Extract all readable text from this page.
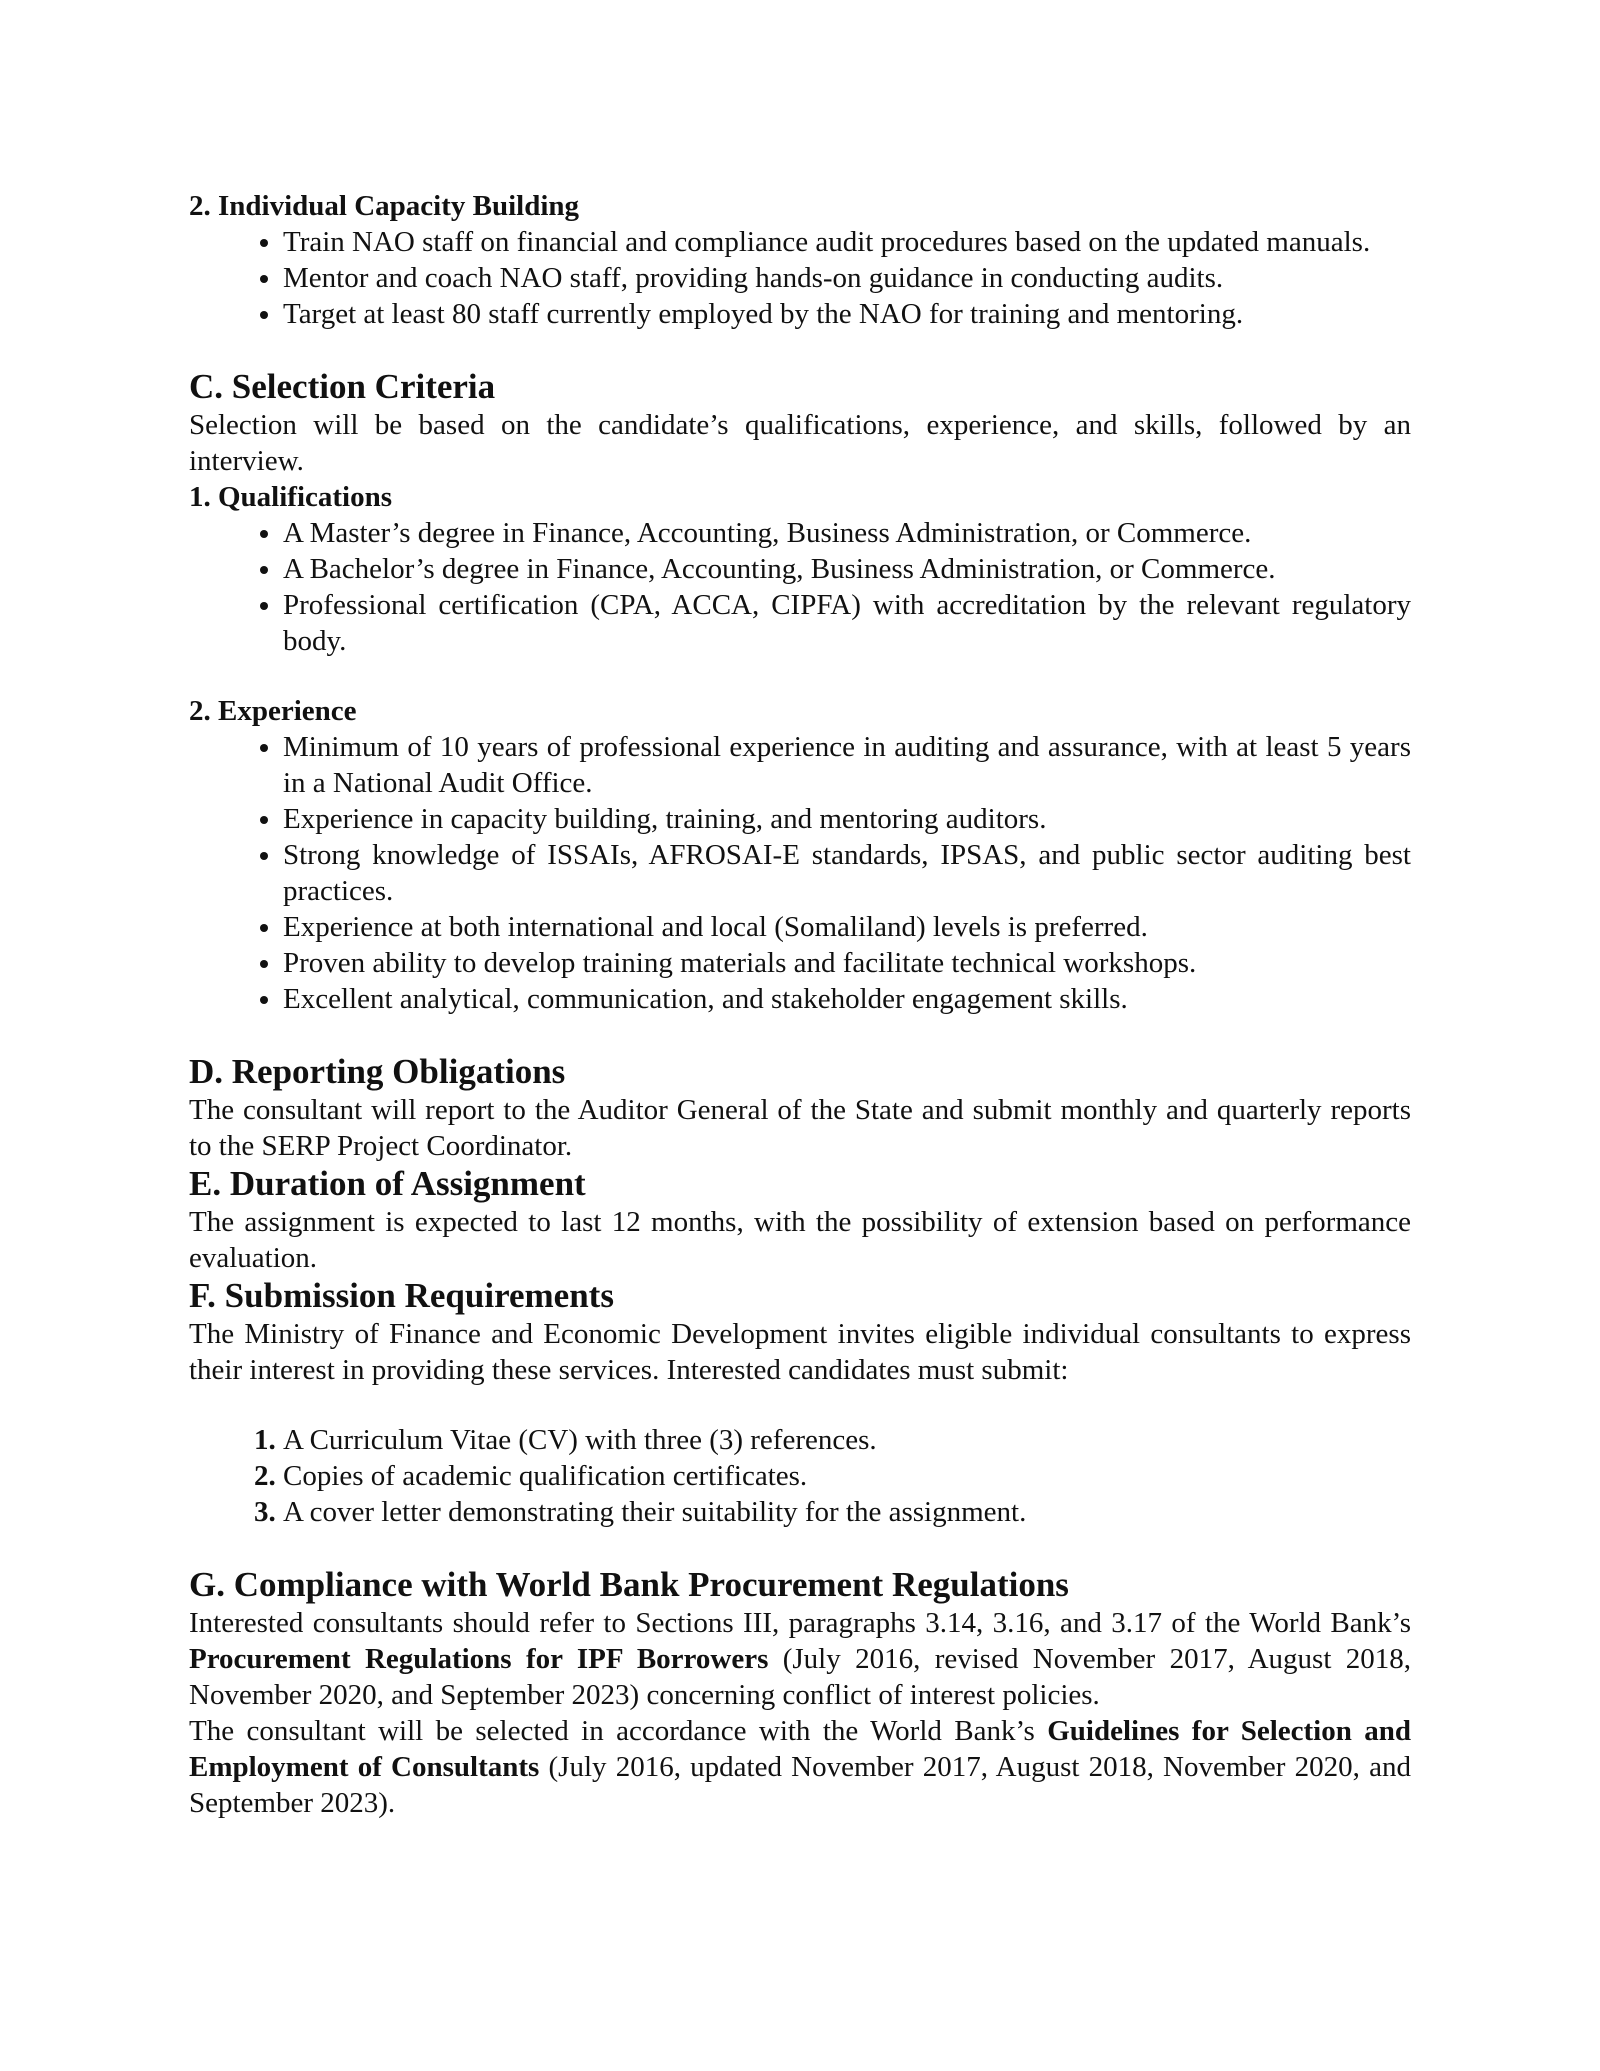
2. Individual Capacity Building
• Train NAO staff on financial and compliance audit procedures based on the updated manuals.
• Mentor and coach NAO staff, providing hands-on guidance in conducting audits.
• Target at least 80 staff currently employed by the NAO for training and mentoring.
C. Selection Criteria

Selection will be based on the candidate’s qualifications, experience, and skills, followed by an interview.

1. Qualifications
• A Master’s degree in Finance, Accounting, Business Administration, or Commerce.
• A Bachelor’s degree in Finance, Accounting, Business Administration, or Commerce.
• Professional certification (CPA, ACCA, CIPFA) with accreditation by the relevant regulatory body.
2. Experience
• Minimum of 10 years of professional experience in auditing and assurance, with at least 5 years in a National Audit Office.
• Experience in capacity building, training, and mentoring auditors.
• Strong knowledge of ISSAIs, AFROSAI-E standards, IPSAS, and public sector auditing best practices.
• Experience at both international and local (Somaliland) levels is preferred.
• Proven ability to develop training materials and facilitate technical workshops.
• Excellent analytical, communication, and stakeholder engagement skills.
D. Reporting Obligations

The consultant will report to the Auditor General of the State and submit monthly and quarterly reports to the SERP Project Coordinator.

E. Duration of Assignment

The assignment is expected to last 12 months, with the possibility of extension based on performance evaluation.

F. Submission Requirements

The Ministry of Finance and Economic Development invites eligible individual consultants to express their interest in providing these services. Interested candidates must submit:

1. A Curriculum Vitae (CV) with three (3) references.
2. Copies of academic qualification certificates.
3. A cover letter demonstrating their suitability for the assignment.
G. Compliance with World Bank Procurement Regulations

Interested consultants should refer to Sections III, paragraphs 3.14, 3.16, and 3.17 of the World Bank’s Procurement Regulations for IPF Borrowers (July 2016, revised November 2017, August 2018, November 2020, and September 2023) concerning conflict of interest policies.

The consultant will be selected in accordance with the World Bank’s Guidelines for Selection and Employment of Consultants (July 2016, updated November 2017, August 2018, November 2020, and September 2023).
